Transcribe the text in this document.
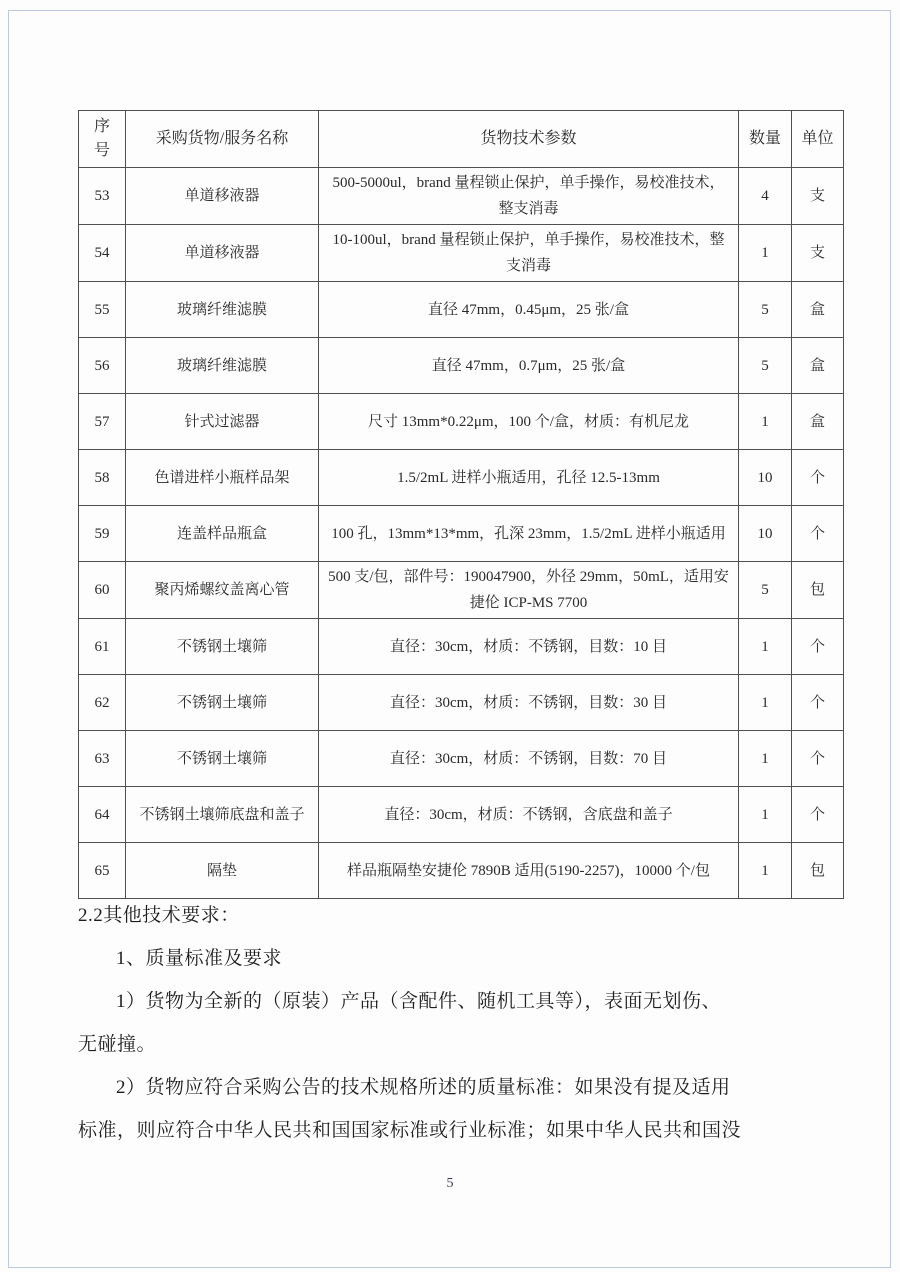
序号	采购货物/服务名称	货物技术参数	数量	单位
53	单道移液器	500-5000ul，brand 量程锁止保护，单手操作，易校准技术，整支消毒	4	支
54	单道移液器	10-100ul，brand 量程锁止保护，单手操作，易校准技术，整支消毒	1	支
55	玻璃纤维滤膜	直径 47mm，0.45μm，25 张/盒	5	盒
56	玻璃纤维滤膜	直径 47mm，0.7μm，25 张/盒	5	盒
57	针式过滤器	尺寸 13mm*0.22μm，100 个/盒，材质：有机尼龙	1	盒
58	色谱进样小瓶样品架	1.5/2mL 进样小瓶适用，孔径 12.5-13mm	10	个
59	连盖样品瓶盒	100 孔，13mm*13*mm，孔深 23mm，1.5/2mL 进样小瓶适用	10	个
60	聚丙烯螺纹盖离心管	500 支/包，部件号：190047900，外径 29mm，50mL，适用安捷伦 ICP-MS 7700	5	包
61	不锈钢土壤筛	直径：30cm，材质：不锈钢，目数：10 目	1	个
62	不锈钢土壤筛	直径：30cm，材质：不锈钢，目数：30 目	1	个
63	不锈钢土壤筛	直径：30cm，材质：不锈钢，目数：70 目	1	个
64	不锈钢土壤筛底盘和盖子	直径：30cm，材质：不锈钢，含底盘和盖子	1	个
65	隔垫	样品瓶隔垫安捷伦 7890B 适用(5190-2257)，10000 个/包	1	包

2.2其他技术要求：

1、质量标准及要求

1）货物为全新的（原装）产品（含配件、随机工具等），表面无划伤、

无碰撞。

2）货物应符合采购公告的技术规格所述的质量标准：如果没有提及适用

标准，则应符合中华人民共和国国家标准或行业标准；如果中华人民共和国没

5
